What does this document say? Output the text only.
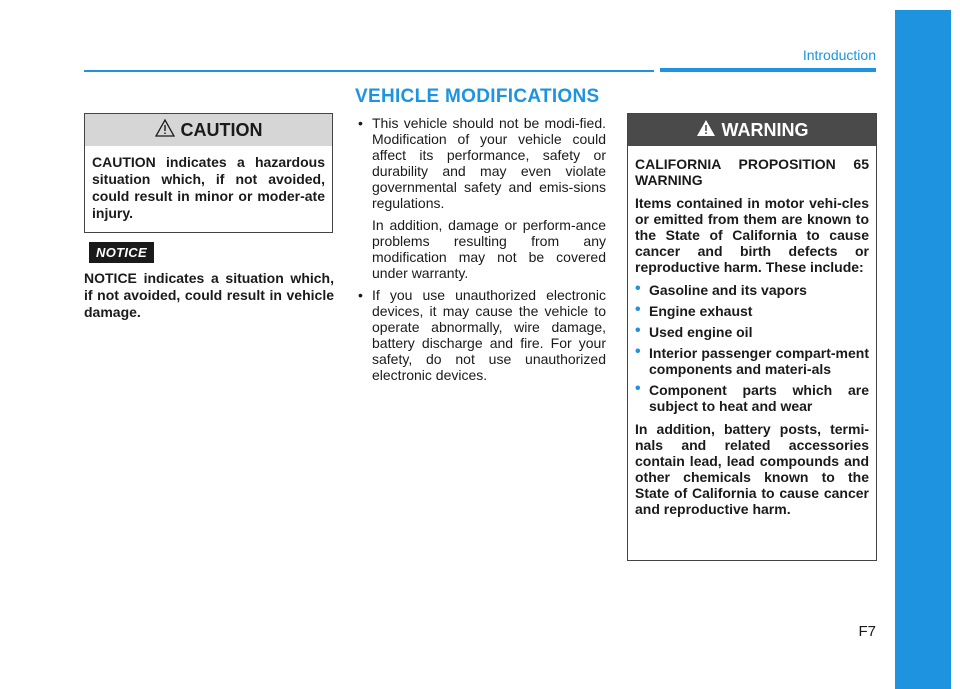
Introduction
VEHICLE MODIFICATIONS
CAUTION
CAUTION indicates a hazardous situation which, if not avoided, could result in minor or moder-ate injury.
NOTICE
NOTICE indicates a situation which, if not avoided, could result in vehicle damage.
• This vehicle should not be modi-fied. Modification of your vehicle could affect its performance, safety or durability and may even violate governmental safety and emis-sions regulations.

In addition, damage or perform-ance problems resulting from any modification may not be covered under warranty.

• If you use unauthorized electronic devices, it may cause the vehicle to operate abnormally, wire damage, battery discharge and fire. For your safety, do not use unauthorized electronic devices.

WARNING

CALIFORNIA PROPOSITION 65 WARNING

Items contained in motor vehi-cles or emitted from them are known to the State of California to cause cancer and birth defects or reproductive harm. These include:

• Gasoline and its vapors
• Engine exhaust
• Used engine oil
• Interior passenger compart-ment components and materi-als
• Component parts which are subject to heat and wear

In addition, battery posts, termi-nals and related accessories contain lead, lead compounds and other chemicals known to the State of California to cause cancer and reproductive harm.

F7
